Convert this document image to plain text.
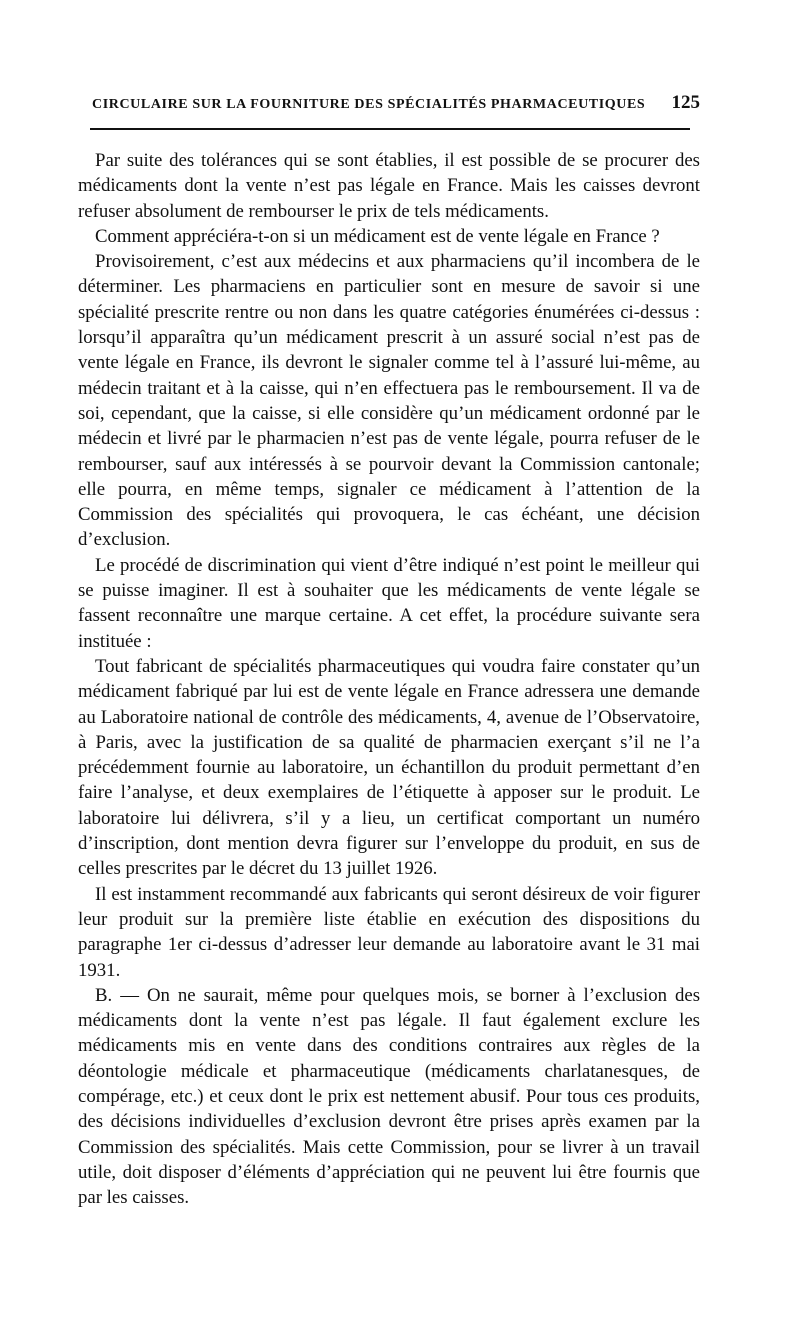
CIRCULAIRE SUR LA FOURNITURE DES SPÉCIALITÉS PHARMACEUTIQUES 125

Par suite des tolérances qui se sont établies, il est possible de se procurer des médicaments dont la vente n’est pas légale en France. Mais les caisses devront refuser absolument de rembourser le prix de tels médicaments.

Comment appréciéra-t-on si un médicament est de vente légale en France ?

Provisoirement, c’est aux médecins et aux pharmaciens qu’il incombera de le déterminer. Les pharmaciens en particulier sont en mesure de savoir si une spécialité prescrite rentre ou non dans les quatre catégories énumérées ci-dessus : lorsqu’il apparaîtra qu’un médicament prescrit à un assuré social n’est pas de vente légale en France, ils devront le signaler comme tel à l’assuré lui-même, au médecin traitant et à la caisse, qui n’en effectuera pas le remboursement. Il va de soi, cependant, que la caisse, si elle considère qu’un médicament ordonné par le médecin et livré par le pharmacien n’est pas de vente légale, pourra refuser de le rembourser, sauf aux intéressés à se pourvoir devant la Commission cantonale; elle pourra, en même temps, signaler ce médicament à l’attention de la Commission des spécialités qui provoquera, le cas échéant, une décision d’exclusion.

Le procédé de discrimination qui vient d’être indiqué n’est point le meilleur qui se puisse imaginer. Il est à souhaiter que les médicaments de vente légale se fassent reconnaître une marque certaine. A cet effet, la procédure suivante sera instituée :

Tout fabricant de spécialités pharmaceutiques qui voudra faire constater qu’un médicament fabriqué par lui est de vente légale en France adressera une demande au Laboratoire national de contrôle des médicaments, 4, avenue de l’Observatoire, à Paris, avec la justification de sa qualité de pharmacien exerçant s’il ne l’a précédemment fournie au laboratoire, un échantillon du produit permettant d’en faire l’analyse, et deux exemplaires de l’étiquette à apposer sur le produit. Le laboratoire lui délivrera, s’il y a lieu, un certificat comportant un numéro d’inscription, dont mention devra figurer sur l’enveloppe du produit, en sus de celles prescrites par le décret du 13 juillet 1926.

Il est instamment recommandé aux fabricants qui seront désireux de voir figurer leur produit sur la première liste établie en exécution des dispositions du paragraphe 1er ci-dessus d’adresser leur demande au laboratoire avant le 31 mai 1931.

B. — On ne saurait, même pour quelques mois, se borner à l’exclusion des médicaments dont la vente n’est pas légale. Il faut également exclure les médicaments mis en vente dans des conditions contraires aux règles de la déontologie médicale et pharmaceutique (médicaments charlatanesques, de compérage, etc.) et ceux dont le prix est nettement abusif. Pour tous ces produits, des décisions individuelles d’exclusion devront être prises après examen par la Commission des spécialités. Mais cette Commission, pour se livrer à un travail utile, doit disposer d’éléments d’appréciation qui ne peuvent lui être fournis que par les caisses.
